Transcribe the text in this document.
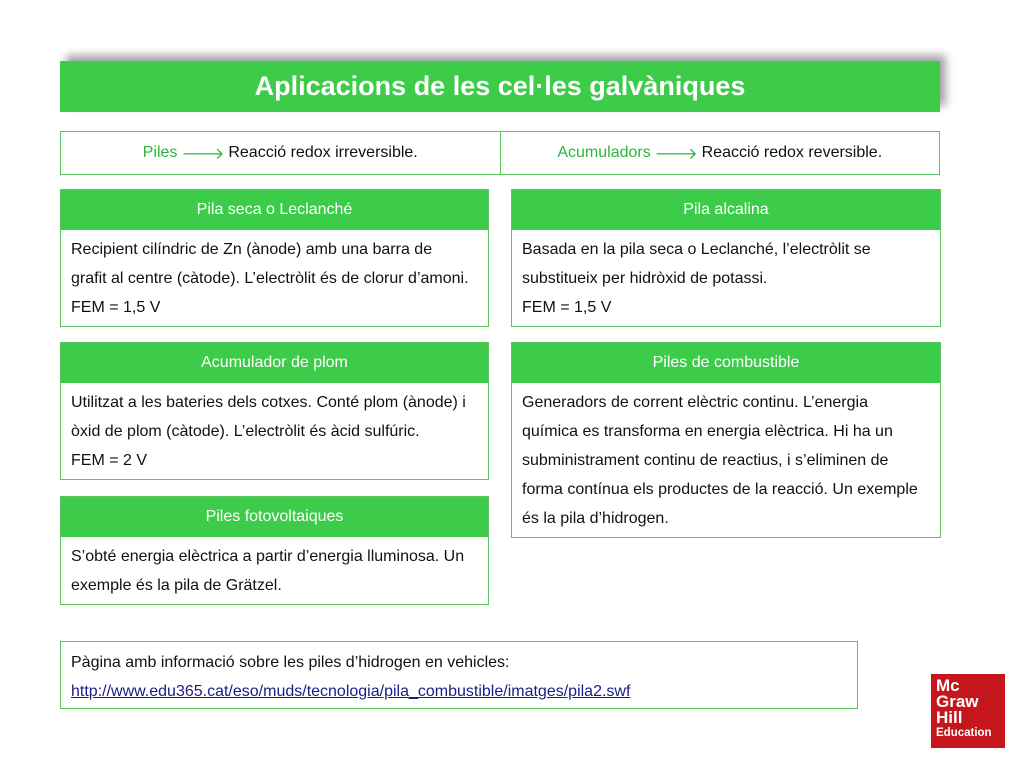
Aplicacions de les cel·les galvàniques
Piles 🡒 Reacció redox irreversible.	Acumuladors 🡒 Reacció redox reversible.
Pila seca o Leclanché

Recipient cilíndric de Zn (ànode) amb una barra de

grafit al centre (càtode). L’electròlit és de clorur d’amoni.

FEM = 1,5 V

Pila alcalina

Basada en la pila seca o Leclanché, l’electròlit se

substitueix per hidròxid de potassi.

FEM = 1,5 V

Acumulador de plom

Utilitzat a les bateries dels cotxes. Conté plom (ànode) i

òxid de plom (càtode). L’electròlit és àcid sulfúric.

FEM = 2 V

Piles de combustible

Generadors de corrent elèctric continu. L’energia

química es transforma en energia elèctrica. Hi ha un

subministrament continu de reactius, i s’eliminen de

forma contínua els productes de la reacció. Un exemple

és la pila d’hidrogen.

Piles fotovoltaiques

S’obté energia elèctrica a partir d’energia lluminosa. Un

exemple és la pila de Grätzel.

Pàgina amb informació sobre les piles d’hidrogen en vehicles:
http://www.edu365.cat/eso/muds/tecnologia/pila_combustible/imatges/pila2.swf	Mc
Graw
Hill
Education
